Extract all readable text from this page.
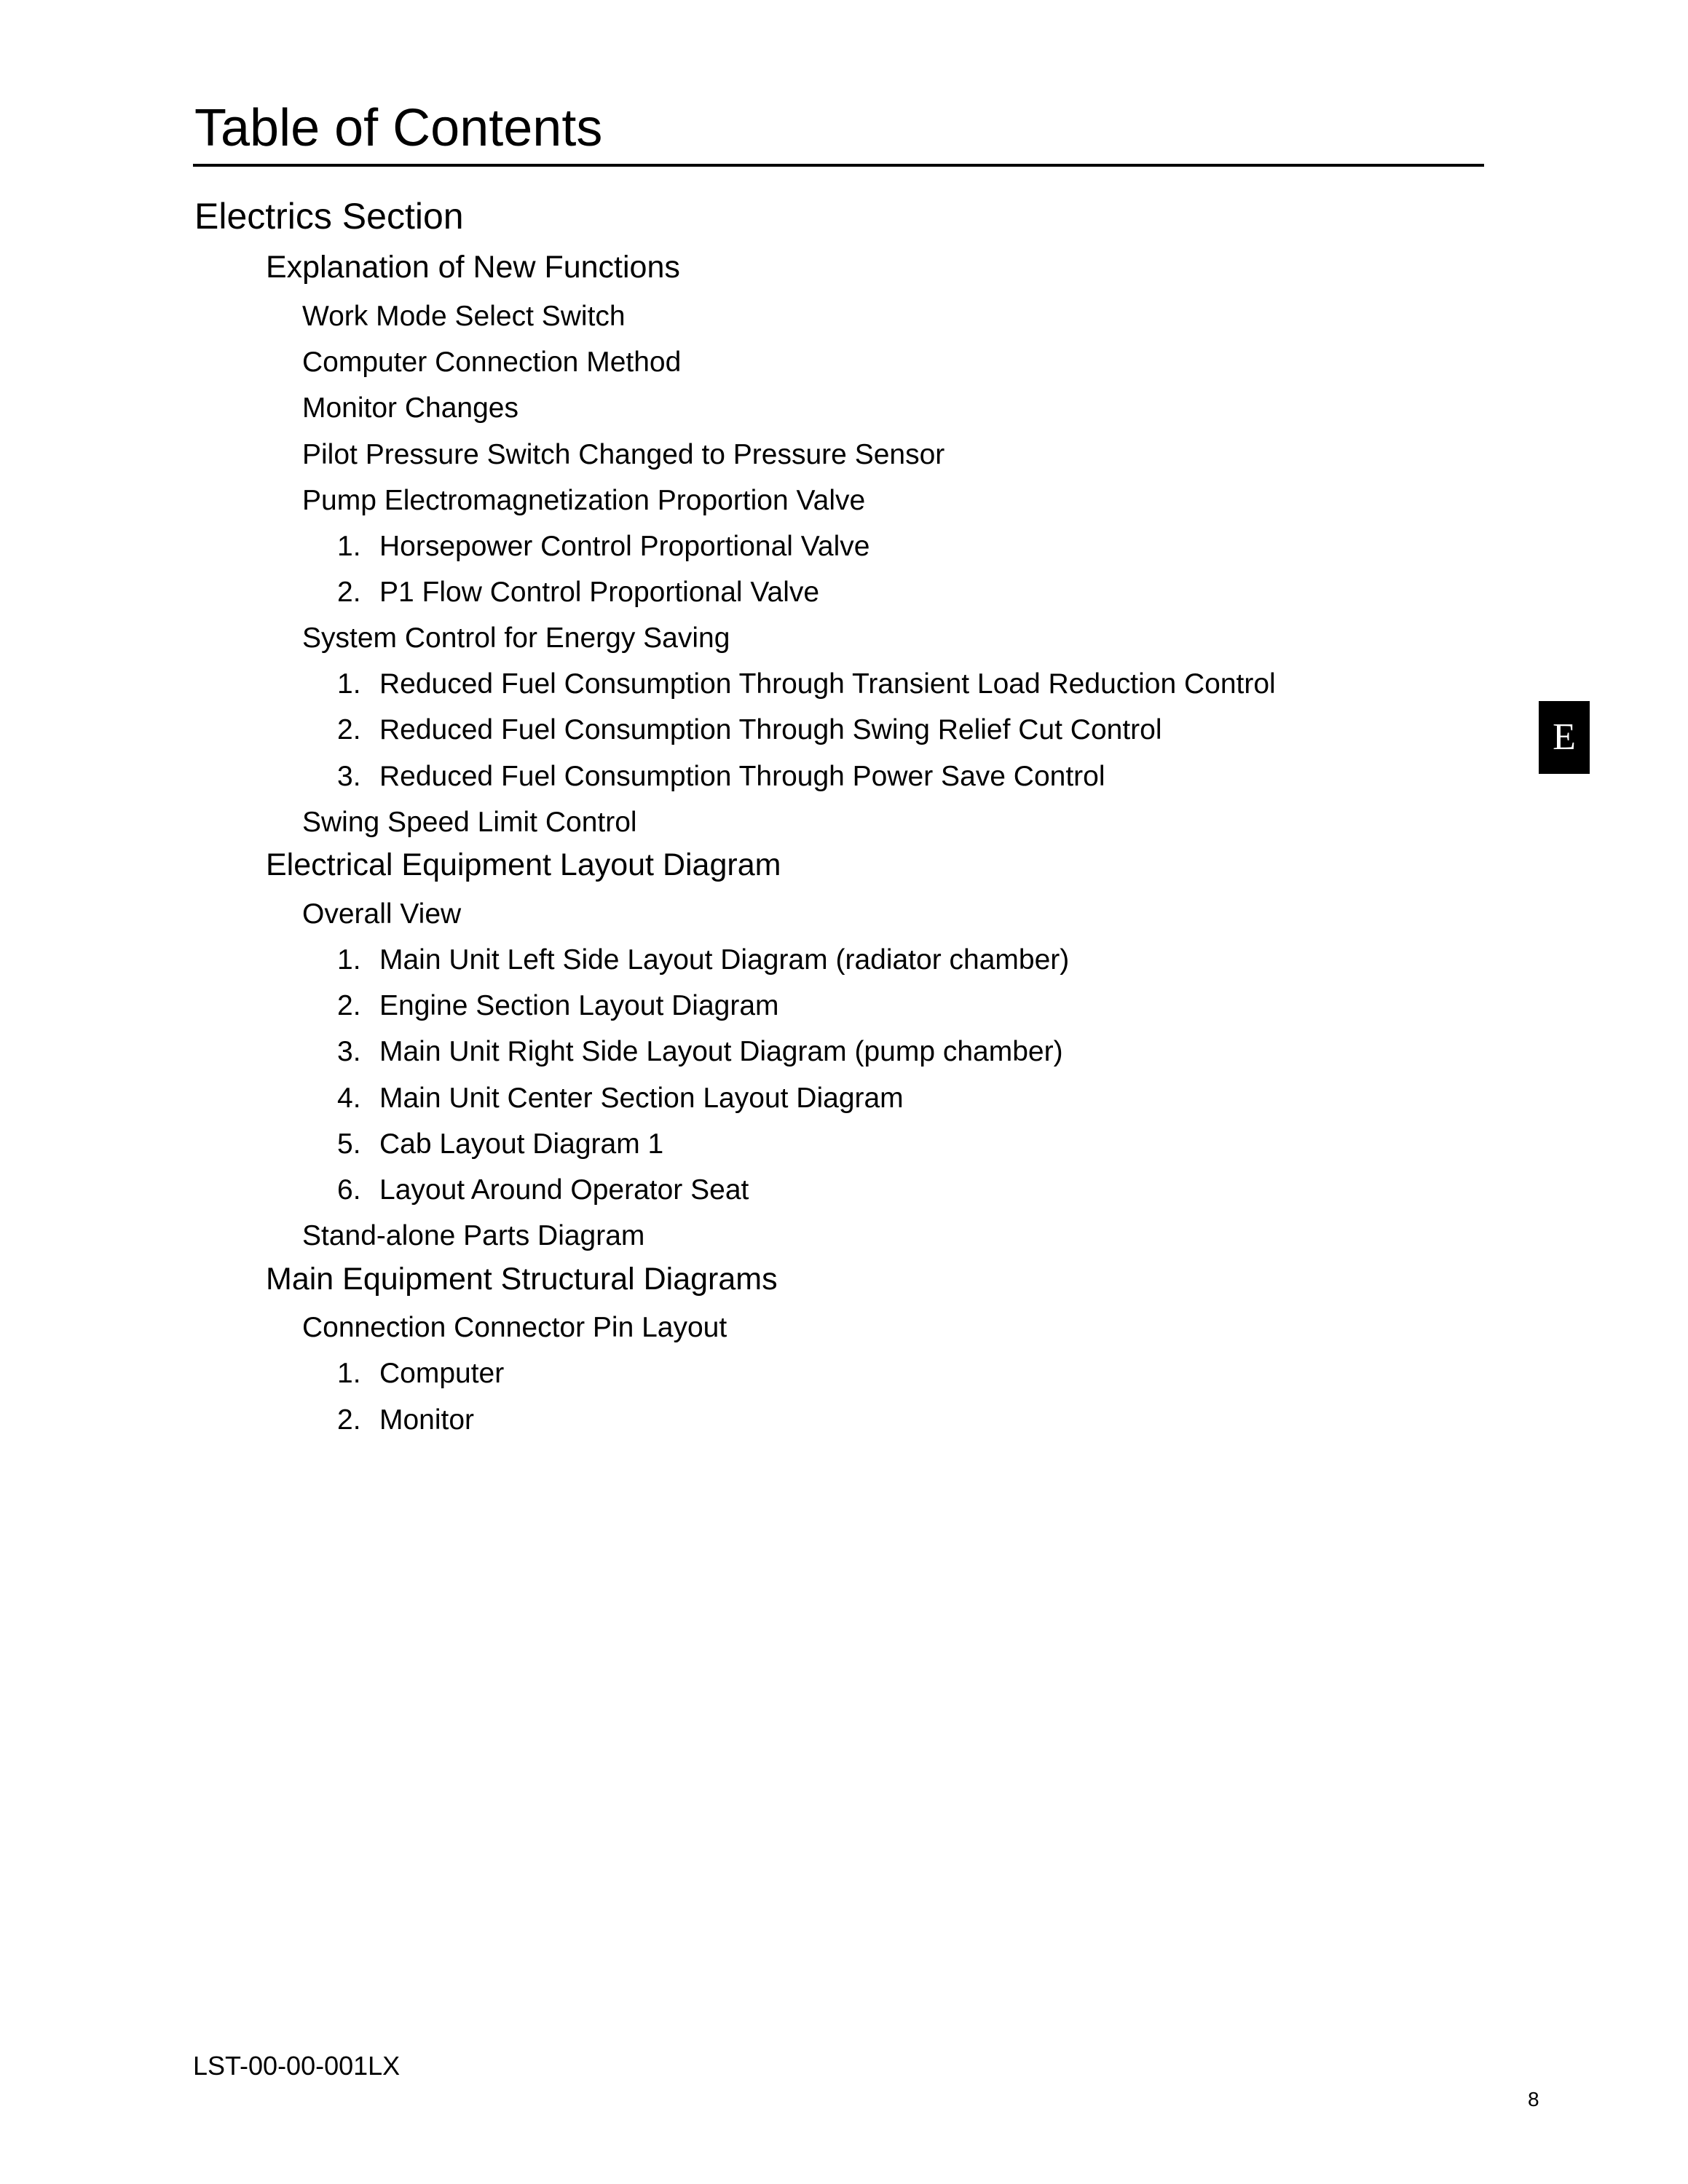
Table of Contents
Electrics Section
Explanation of New Functions
Work Mode Select Switch
Computer Connection Method
Monitor Changes
Pilot Pressure Switch Changed to Pressure Sensor
Pump Electromagnetization Proportion Valve
1. Horsepower Control Proportional Valve
2. P1 Flow Control Proportional Valve
System Control for Energy Saving
1. Reduced Fuel Consumption Through Transient Load Reduction Control
2. Reduced Fuel Consumption Through Swing Relief Cut Control
3. Reduced Fuel Consumption Through Power Save Control
Swing Speed Limit Control
Electrical Equipment Layout Diagram
Overall View
1. Main Unit Left Side Layout Diagram (radiator chamber)
2. Engine Section Layout Diagram
3. Main Unit Right Side Layout Diagram (pump chamber)
4. Main Unit Center Section Layout Diagram
5. Cab Layout Diagram 1
6. Layout Around Operator Seat
Stand-alone Parts Diagram
Main Equipment Structural Diagrams
Connection Connector Pin Layout
1. Computer
2. Monitor
E
LST-00-00-001LX
8
